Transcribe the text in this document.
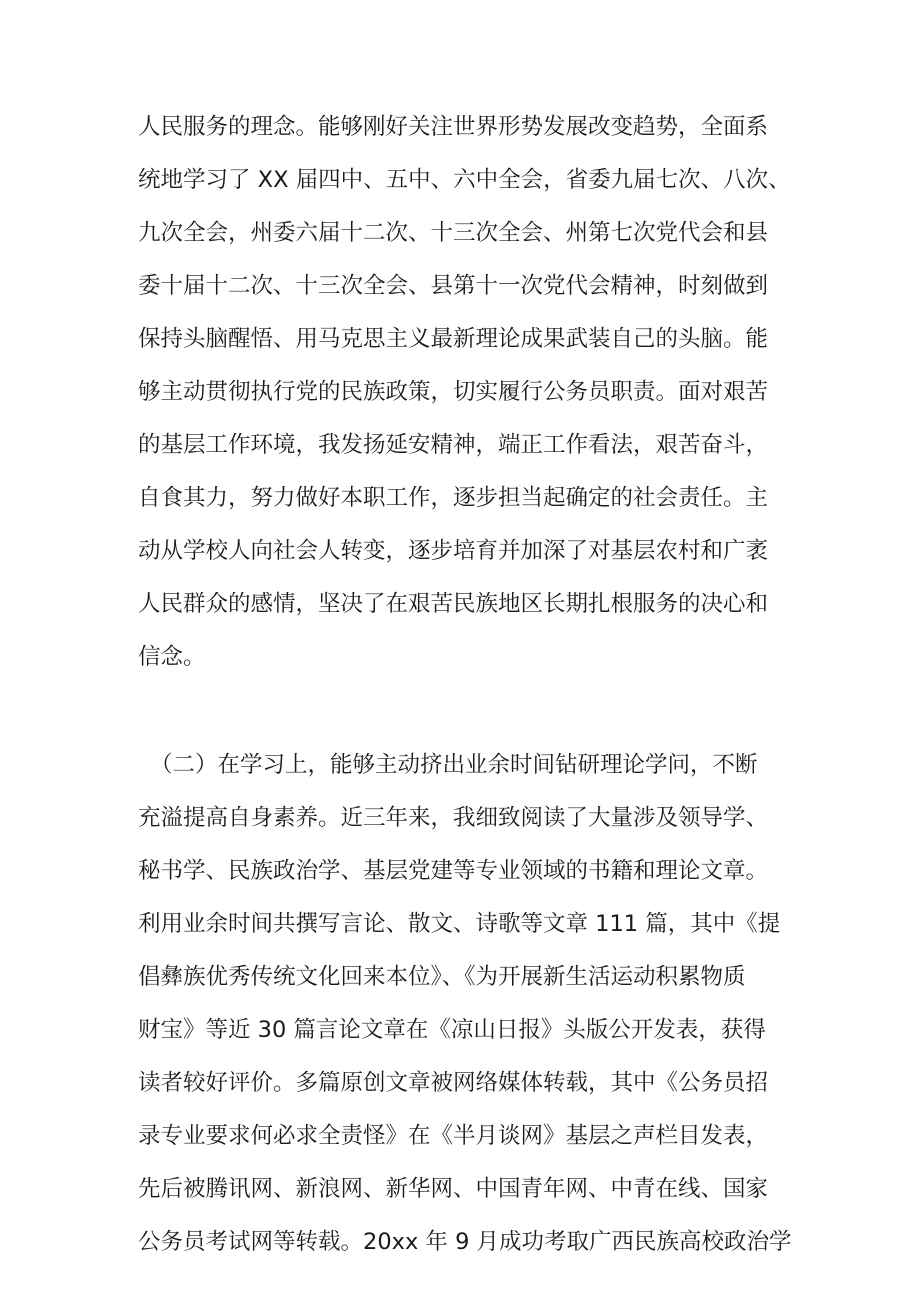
人民服务的理念。能够刚好关注世界形势发展改变趋势，全面系
统地学习了 XX 届四中、五中、六中全会，省委九届七次、八次、
九次全会，州委六届十二次、十三次全会、州第七次党代会和县
委十届十二次、十三次全会、县第十一次党代会精神，时刻做到
保持头脑醒悟、用马克思主义最新理论成果武装自己的头脑。能
够主动贯彻执行党的民族政策，切实履行公务员职责。面对艰苦
的基层工作环境，我发扬延安精神，端正工作看法，艰苦奋斗，
自食其力，努力做好本职工作，逐步担当起确定的社会责任。主
动从学校人向社会人转变，逐步培育并加深了对基层农村和广袤
人民群众的感情，坚决了在艰苦民族地区长期扎根服务的决心和
信念。
（二）在学习上，能够主动挤出业余时间钻研理论学问，不断
充溢提高自身素养。近三年来，我细致阅读了大量涉及领导学、
秘书学、民族政治学、基层党建等专业领域的书籍和理论文章。
利用业余时间共撰写言论、散文、诗歌等文章 111 篇，其中《提
倡彝族优秀传统文化回来本位》、《为开展新生活运动积累物质
财宝》等近 30 篇言论文章在《凉山日报》头版公开发表，获得
读者较好评价。多篇原创文章被网络媒体转载，其中《公务员招
录专业要求何必求全责怪》在《半月谈网》基层之声栏目发表，
先后被腾讯网、新浪网、新华网、中国青年网、中青在线、国家
公务员考试网等转载。20xx 年 9 月成功考取广西民族高校政治学
